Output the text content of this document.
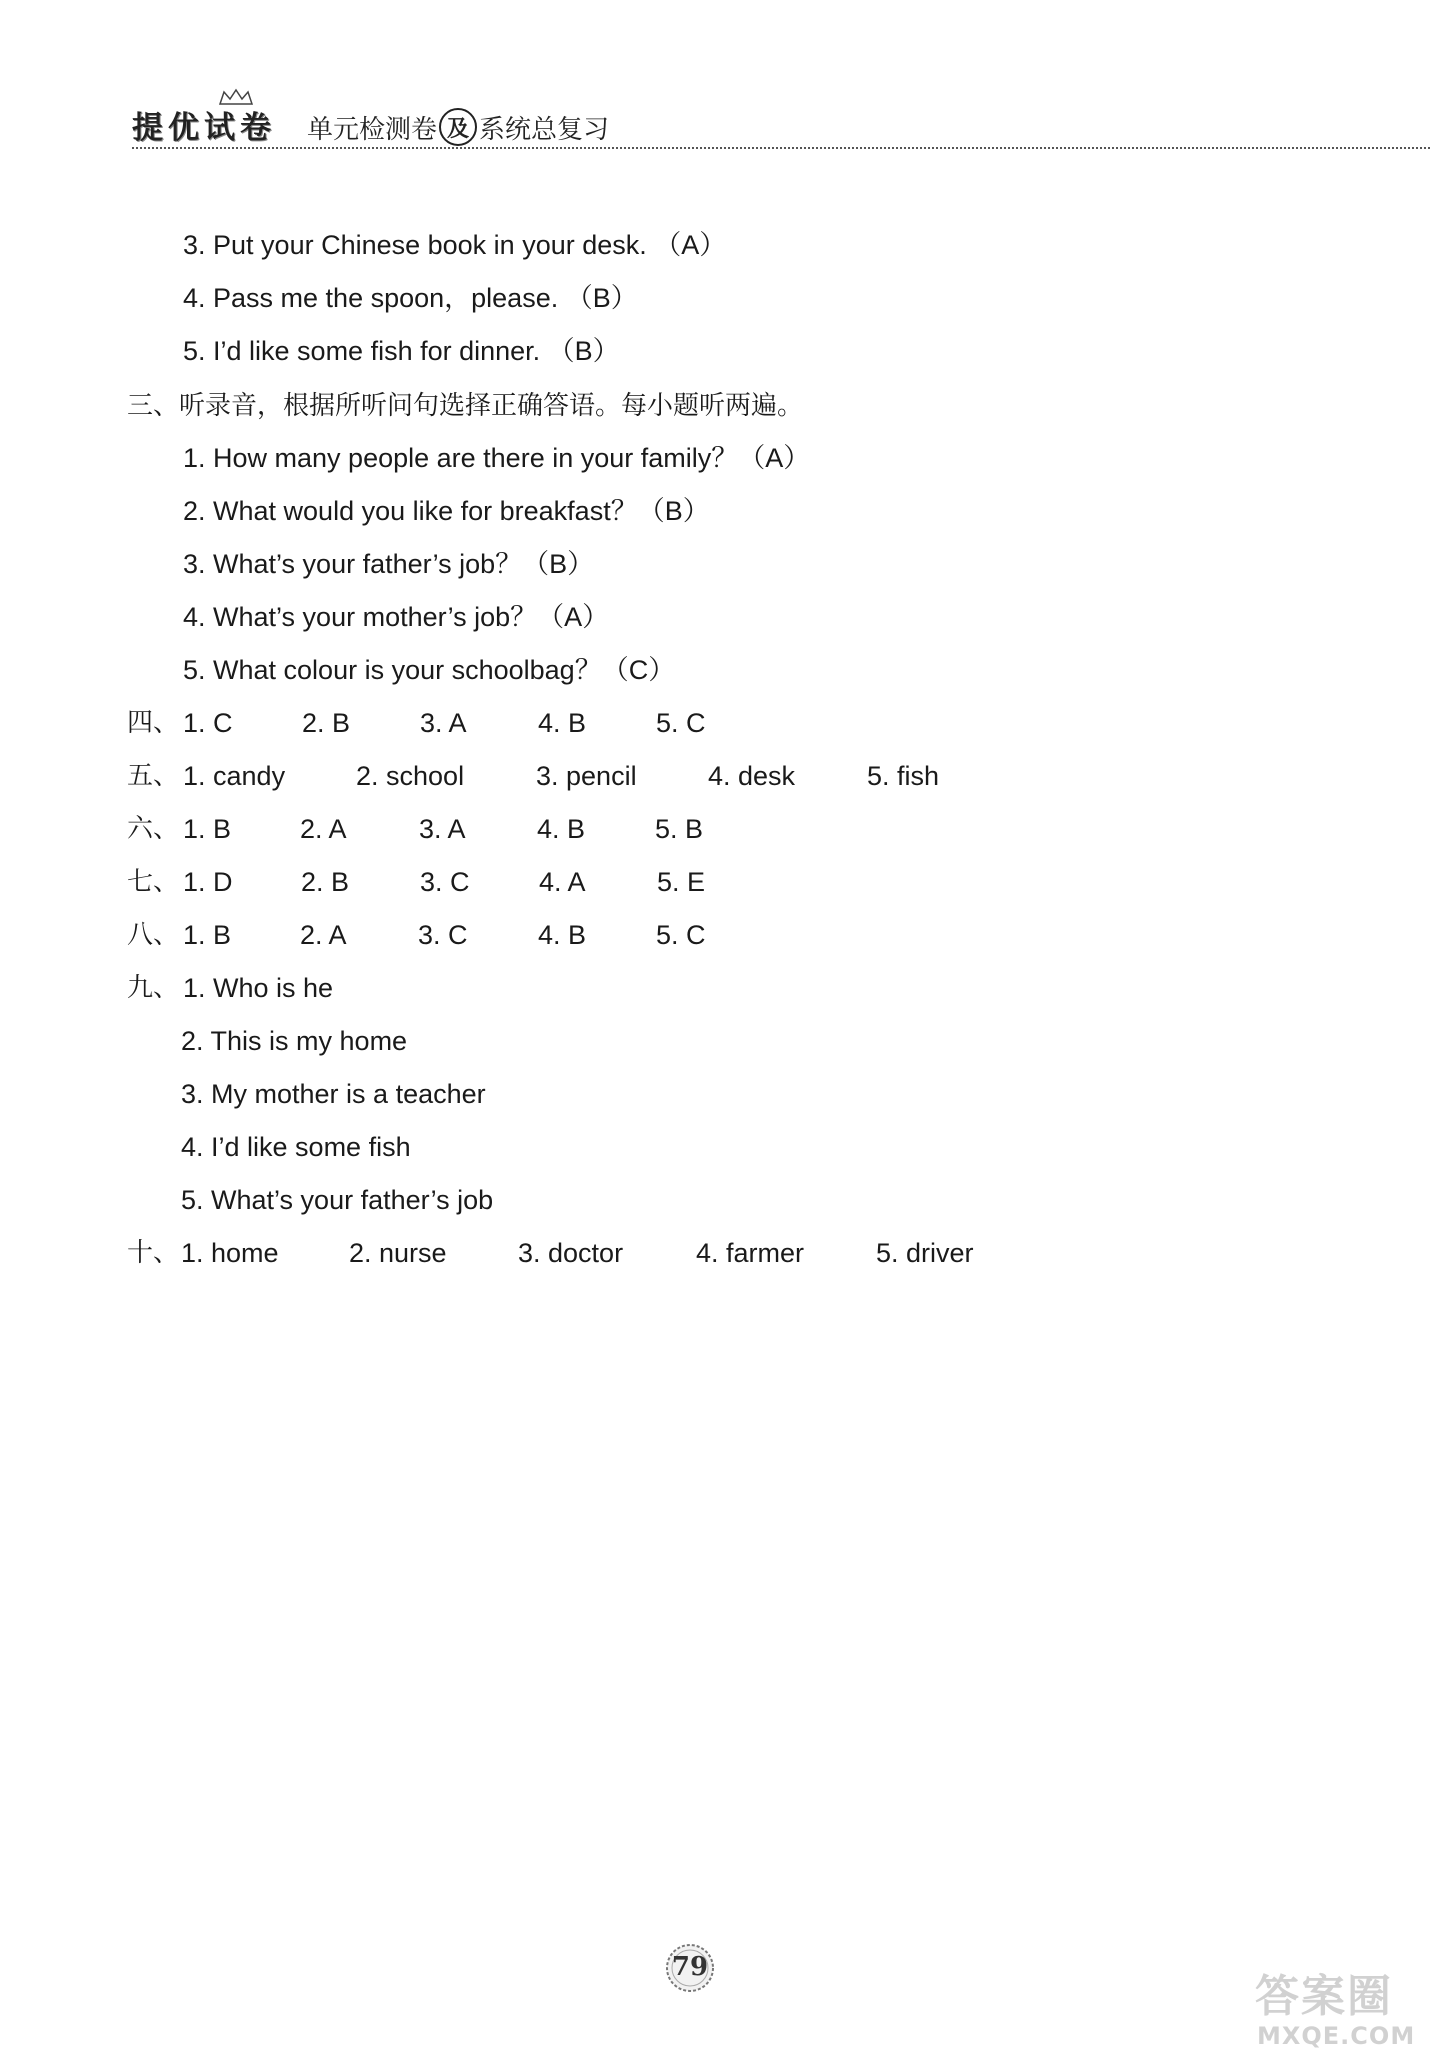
提优试卷 单元检测卷 及 系统总复习
3. Put your Chinese book in your desk. （A）
4. Pass me the spoon，please. （B）
5. I’d like some fish for dinner. （B）
三、听录音，根据所听问句选择正确答语。每小题听两遍。
1. How many people are there in your family？（A）
2. What would you like for breakfast？（B）
3. What’s your father’s job？（B）
4. What’s your mother’s job？（A）
5. What colour is your schoolbag？（C）
四、 1. C	2. B	3. A	4. B	5. C
五、 1. candy	2. school	3. pencil	4. desk	5. fish
六、 1. B	2. A	3. A	4. B	5. B
七、 1. D	2. B	3. C	4. A	5. E
八、 1. B	2. A	3. C	4. B	5. C
九、 1. Who is he
2. This is my home
3. My mother is a teacher
4. I’d like some fish
5. What’s your father’s job
十、 1. home	2. nurse	3. doctor	4. farmer	5. driver
79
答案圈
MXQE.COM
